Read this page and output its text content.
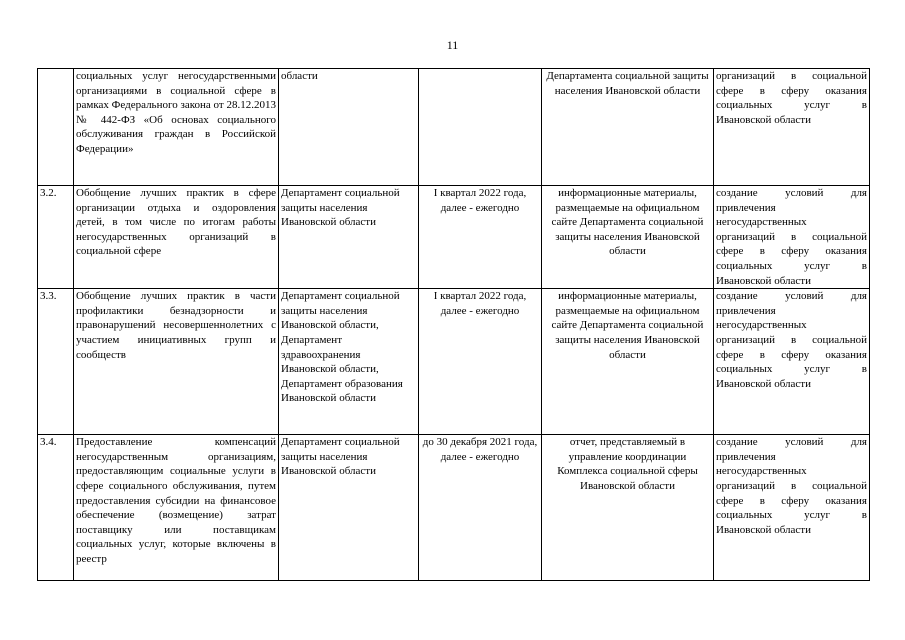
11
	социальных услуг негосударственными организациями в социальной сфере в рамках Федерального закона от 28.12.2013 № 442-ФЗ «Об основах социального обслуживания граждан в Российской Федерации»	области		Департамента социальной защиты населения Ивановской области	организаций в социальной сфере в сферу оказания социальных услуг в Ивановской области
3.2.	Обобщение лучших практик в сфере организации отдыха и оздоровления детей, в том числе по итогам работы негосударственных организаций в социальной сфере	Департамент социальной защиты населения Ивановской области	I квартал 2022 года, далее - ежегодно	информационные материалы, размещаемые на официальном сайте Департамента социальной защиты населения Ивановской области	создание условий для привлечения негосударственных организаций в социальной сфере в сферу оказания социальных услуг в Ивановской области
3.3.	Обобщение лучших практик в части профилактики безнадзорности и правонарушений несовершеннолетних с участием инициативных групп и сообществ	Департамент социальной защиты населения Ивановской области, Департамент здравоохранения Ивановской области, Департамент образования Ивановской области	I квартал 2022 года, далее - ежегодно	информационные материалы, размещаемые на официальном сайте Департамента социальной защиты населения Ивановской области	создание условий для привлечения негосударственных организаций в социальной сфере в сферу оказания социальных услуг в Ивановской области
3.4.	Предоставление компенсаций негосударственным организациям, предоставляющим социальные услуги в сфере социального обслуживания, путем предоставления субсидии на финансовое обеспечение (возмещение) затрат поставщику или поставщикам социальных услуг, которые включены в реестр	Департамент социальной защиты населения Ивановской области	до 30 декабря 2021 года, далее - ежегодно	отчет, представляемый в управление координации Комплекса социальной сферы Ивановской области	создание условий для привлечения негосударственных организаций в социальной сфере в сферу оказания социальных услуг в Ивановской области
